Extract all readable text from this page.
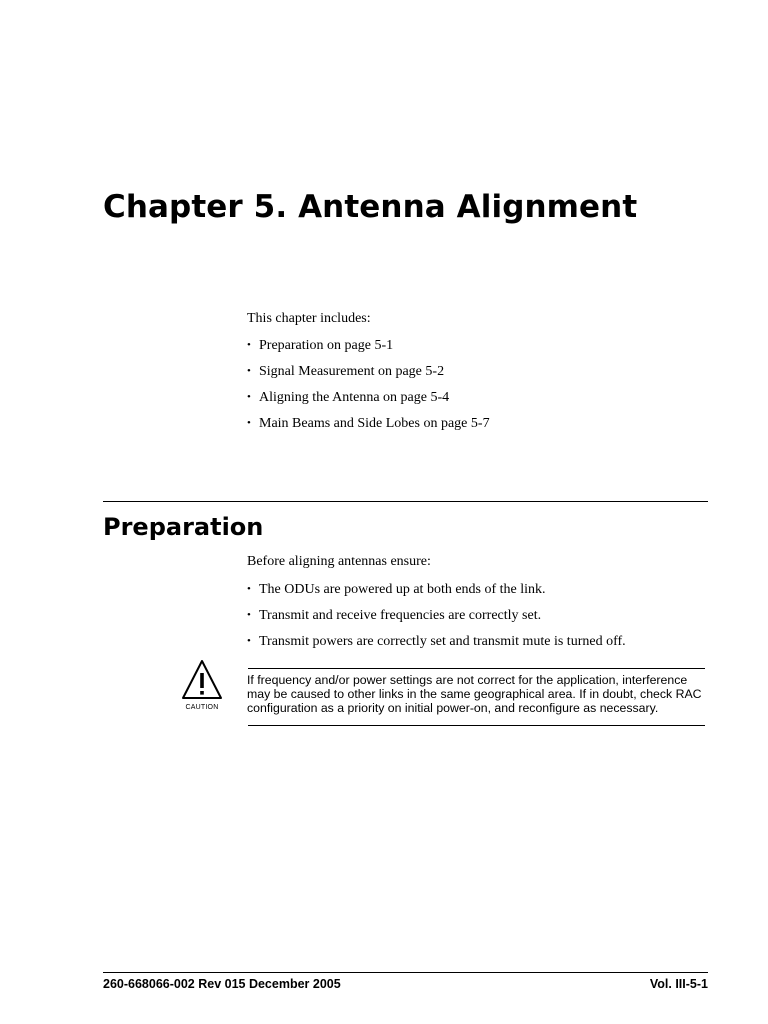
Chapter 5. Antenna Alignment
This chapter includes:
• Preparation on page 5-1
• Signal Measurement on page 5-2
• Aligning the Antenna on page 5-4
• Main Beams and Side Lobes on page 5-7
Preparation
Before aligning antennas ensure:
• The ODUs are powered up at both ends of the link.
• Transmit and receive frequencies are correctly set.
• Transmit powers are correctly set and transmit mute is turned off.
CAUTION

If frequency and/or power settings are not correct for the application, interference may be caused to other links in the same geographical area. If in doubt, check RAC configuration as a priority on initial power-on, and reconfigure as necessary.

260-668066-002 Rev 015 December 2005	Vol. III-5-1
